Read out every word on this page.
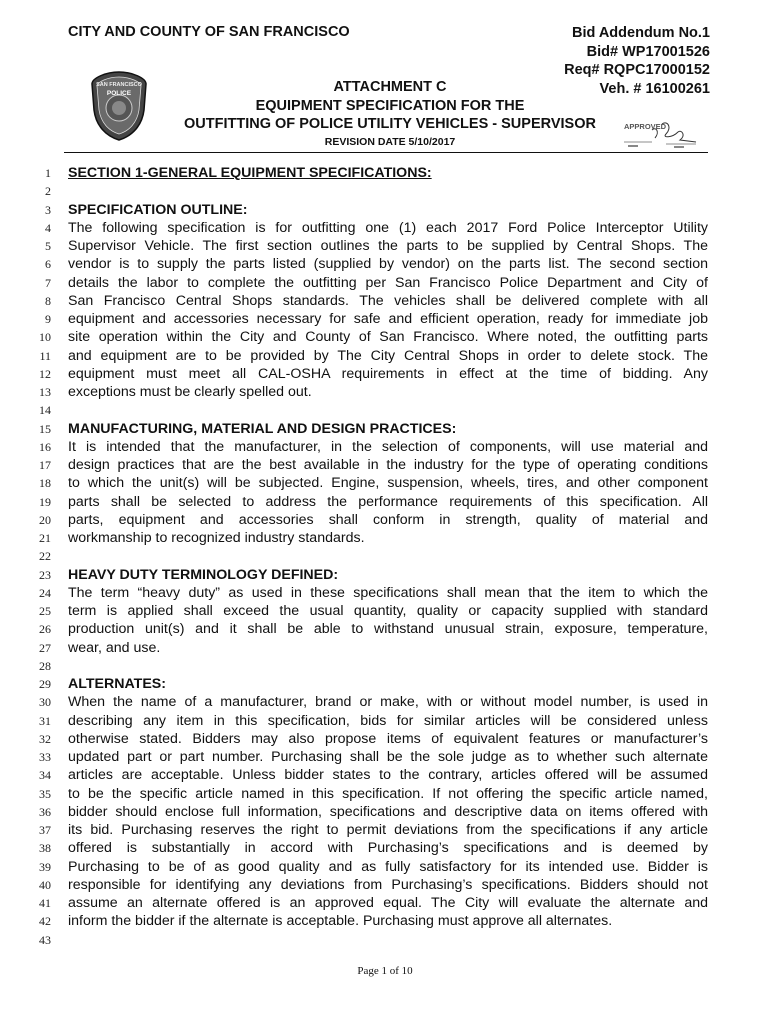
CITY AND COUNTY OF SAN FRANCISCO	Bid Addendum No.1
Bid# WP17001526
Req# RQPC17000152
Veh. # 16100261
SAN FRANCISCO
POLICE	ATTACHMENT C
EQUIPMENT SPECIFICATION FOR THE
OUTFITTING OF POLICE UTILITY VEHICLES - SUPERVISOR
REVISION DATE 5/10/2017
APPROVED
1 SECTION 1-GENERAL EQUIPMENT SPECIFICATIONS:
2
3 SPECIFICATION OUTLINE:
4 The following specification is for outfitting one (1) each 2017 Ford Police Interceptor Utility
5 Supervisor Vehicle. The first section outlines the parts to be supplied by Central Shops. The
6 vendor is to supply the parts listed (supplied by vendor) on the parts list. The second section
7 details the labor to complete the outfitting per San Francisco Police Department and City of
8 San Francisco Central Shops standards. The vehicles shall be delivered complete with all
9 equipment and accessories necessary for safe and efficient operation, ready for immediate job
10 site operation within the City and County of San Francisco. Where noted, the outfitting parts
11 and equipment are to be provided by The City Central Shops in order to delete stock. The
12 equipment must meet all CAL-OSHA requirements in effect at the time of bidding. Any
13 exceptions must be clearly spelled out.
14
15 MANUFACTURING, MATERIAL AND DESIGN PRACTICES:
16 It is intended that the manufacturer, in the selection of components, will use material and
17 design practices that are the best available in the industry for the type of operating conditions
18 to which the unit(s) will be subjected. Engine, suspension, wheels, tires, and other component
19 parts shall be selected to address the performance requirements of this specification. All
20 parts, equipment and accessories shall conform in strength, quality of material and
21 workmanship to recognized industry standards.
22
23 HEAVY DUTY TERMINOLOGY DEFINED:
24 The term “heavy duty” as used in these specifications shall mean that the item to which the
25 term is applied shall exceed the usual quantity, quality or capacity supplied with standard
26 production unit(s) and it shall be able to withstand unusual strain, exposure, temperature,
27 wear, and use.
28
29 ALTERNATES:
30 When the name of a manufacturer, brand or make, with or without model number, is used in
31 describing any item in this specification, bids for similar articles will be considered unless
32 otherwise stated. Bidders may also propose items of equivalent features or manufacturer’s
33 updated part or part number. Purchasing shall be the sole judge as to whether such alternate
34 articles are acceptable. Unless bidder states to the contrary, articles offered will be assumed
35 to be the specific article named in this specification. If not offering the specific article named,
36 bidder should enclose full information, specifications and descriptive data on items offered with
37 its bid. Purchasing reserves the right to permit deviations from the specifications if any article
38 offered is substantially in accord with Purchasing’s specifications and is deemed by
39 Purchasing to be of as good quality and as fully satisfactory for its intended use. Bidder is
40 responsible for identifying any deviations from Purchasing’s specifications. Bidders should not
41 assume an alternate offered is an approved equal. The City will evaluate the alternate and
42 inform the bidder if the alternate is acceptable. Purchasing must approve all alternates.
43
Page 1 of 10
